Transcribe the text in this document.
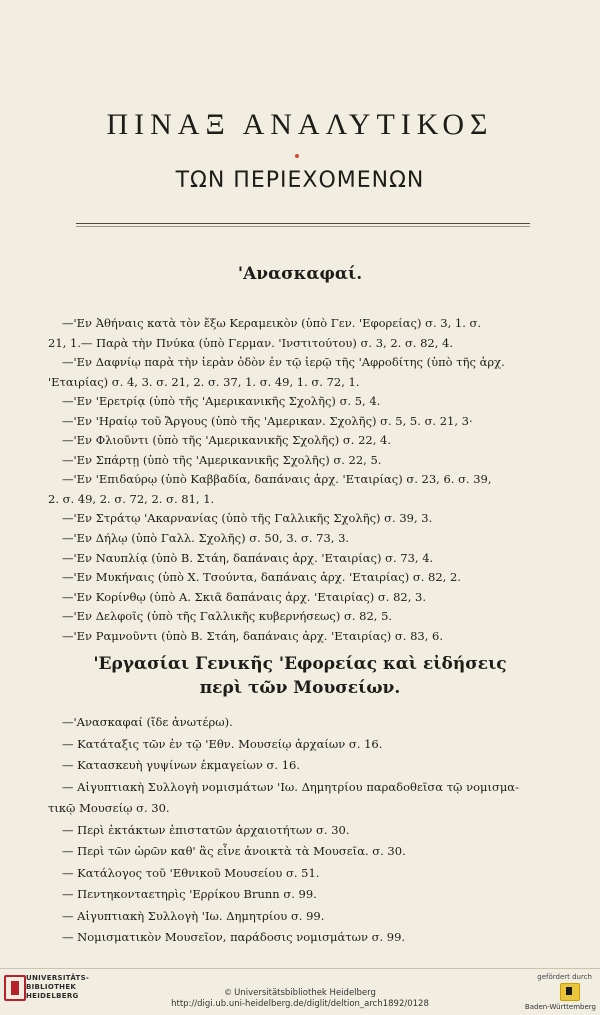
ΠΙΝΑΞ ΑΝΑΛΥΤΙΚΟΣ
ΤΩΝ ΠΕΡΙΕΧΟΜΕΝΩΝ
'Ανασκαφαί.
—'Εν Ἀθήναις κατὰ τὸν ἔξω Κεραμεικὸν (ὑπὸ Γεν. 'Εφορείας) σ. 3, 1. σ.
21, 1.— Παρὰ τὴν Πνύκα (ὑπὸ Γερμαν. 'Ινστιτούτου) σ. 3, 2. σ. 82, 4.
—'Εν Δαφνίῳ παρὰ τὴν ἱερὰν ὁδὸν ἐν τῷ ἱερῷ τῆς 'Αφροδίτης (ὑπὸ τῆς ἀρχ.
'Εταιρίας) σ. 4, 3. σ. 21, 2. σ. 37, 1. σ. 49, 1. σ. 72, 1.
—'Εν 'Ερετρίᾳ (ὑπὸ τῆς 'Αμερικανικῆς Σχολῆς) σ. 5, 4.
—'Εν 'Ηραίῳ τοῦ Ἄργους (ὑπὸ τῆς 'Αμερικαν. Σχολῆς) σ. 5, 5. σ. 21, 3·
—'Εν Φλιοῦντι (ὑπὸ τῆς 'Αμερικανικῆς Σχολῆς) σ. 22, 4.
—'Εν Σπάρτῃ (ὑπὸ τῆς 'Αμερικανικῆς Σχολῆς) σ. 22, 5.
—'Εν 'Επιδαύρῳ (ὑπὸ Καββαδία, δαπάναις ἀρχ. 'Εταιρίας) σ. 23, 6. σ. 39,
2. σ. 49, 2. σ. 72, 2. σ. 81, 1.
—'Εν Στράτῳ 'Ακαρνανίας (ὑπὸ τῆς Γαλλικῆς Σχολῆς) σ. 39, 3.
—'Εν Δήλῳ (ὑπὸ Γαλλ. Σχολῆς) σ. 50, 3. σ. 73, 3.
—'Εν Ναυπλίᾳ (ὑπὸ Β. Στάη, δαπάναις ἀρχ. 'Εταιρίας) σ. 73, 4.
—'Εν Μυκήναις (ὑπὸ Χ. Τσούντα, δαπάναις ἀρχ. 'Εταιρίας) σ. 82, 2.
—'Εν Κορίνθῳ (ὑπὸ Α. Σκιᾶ δαπάναις ἀρχ. 'Εταιρίας) σ. 82, 3.
—'Εν Δελφοῖς (ὑπὸ τῆς Γαλλικῆς κυβερνήσεως) σ. 82, 5.
—'Εν Ραμνοῦντι (ὑπὸ Β. Στάη, δαπάναις ἀρχ. 'Εταιρίας) σ. 83, 6.
'Εργασίαι Γενικῆς 'Εφορείας καὶ εἰδήσεις
περὶ τῶν Μουσείων.
—'Ανασκαφαί (ἴδε ἀνωτέρω).
— Κατάταξις τῶν ἐν τῷ 'Εθν. Μουσείῳ ἀρχαίων σ. 16.
— Κατασκευὴ γυψίνων ἐκμαγείων σ. 16.
— Αἰγυπτιακὴ Συλλογὴ νομισμάτων 'Ιω. Δημητρίου παραδοθεῖσα τῷ νομισμα-
τικῷ Μουσείῳ σ. 30.
— Περὶ ἐκτάκτων ἐπιστατῶν ἀρχαιοτήτων σ. 30.
— Περὶ τῶν ὡρῶν καθ' ἃς εἶνε ἀνοικτὰ τὰ Μουσεῖα. σ. 30.
— Κατάλογος τοῦ 'Εθνικοῦ Μουσείου σ. 51.
— Πεντηκονταετηρὶς 'Ερρίκου Brunn σ. 99.
— Αἰγυπτιακὴ Συλλογὴ 'Ιω. Δημητρίου σ. 99.
— Νομισματικὸν Μουσεῖον, παράδοσις νομισμάτων σ. 99.
UNIVERSITÄTS-
BIBLIOTHEK
HEIDELBERG	© Universitätsbibliothek Heidelberg
http://digi.ub.uni-heidelberg.de/diglit/deltion_arch1892/0128
gefördert durch
Baden-Württemberg
